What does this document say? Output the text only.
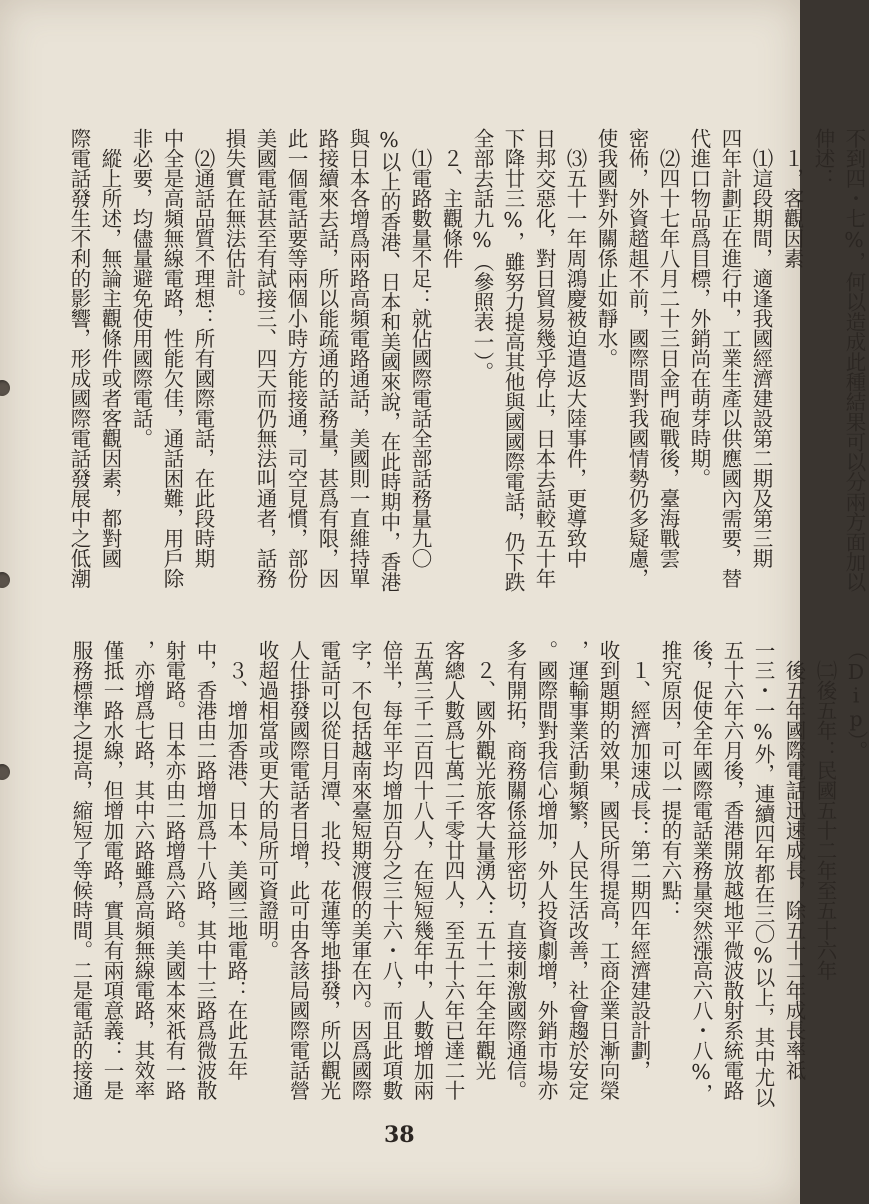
不到四・七%，何以造成此種結果可以分兩方面加以
伸述：
　１，客觀因素
　⑴這段期間，適逢我國經濟建設第二期及第三期
四年計劃正在進行中，工業生產以供應國內需要，替
代進口物品爲目標，外銷尚在萌芽時期。
　⑵四十七年八月二十三日金門砲戰後，臺海戰雲
密佈，外資趦趄不前，國際間對我國情勢仍多疑慮，
使我國對外關係止如靜水。
　⑶五十一年周鴻慶被迫遣返大陸事件，更導致中
日邦交惡化，對日貿易幾乎停止，日本去話較五十年
下降廿三%，雖努力提高其他與國國際電話，仍下跌
全部去話九%（參照表一）。
　２、主觀條件
　⑴電路數量不足：就佔國際電話全部話務量九〇
%以上的香港、日本和美國來說，在此時期中，香港
與日本各增爲兩路高頻電路通話，美國則一直維持單
路接續來去話，所以能疏通的話務量，甚爲有限，因
此一個電話要等兩個小時方能接通，司空見慣，部份
美國電話甚至有試接三、四天而仍無法叫通者，話務
損失實在無法估計。
　⑵通話品質不理想：所有國際電話，在此段時期
中全是高頻無線電路，性能欠佳，通話困難，用戶除
非必要，均儘量避免使用國際電話。
　縱上所述，無論主觀條件或者客觀因素，都對國
際電話發生不利的影響，形成國際電話發展中之低潮
（Dip）。
　㈡後五年：民國五十二年至五十六年
　後五年國際電話迅速成長，除五十二年成長率祗
一三・一%外，連續四年都在三〇%以上，其中尤以
五十六年六月後，香港開放越地平微波散射系統電路
後，促使全年國際電話業務量突然漲高六八・八%，
推究原因，可以一提的有六點：
　１、經濟加速成長：第二期四年經濟建設計劃，
收到題期的效果，國民所得提高，工商企業日漸向榮
，運輸事業活動頻繁，人民生活改善，社會趨於安定
。國際間對我信心增加，外人投資劇增，外銷市場亦
多有開拓，商務關係益形密切，直接刺激國際通信。
　２、國外觀光旅客大量湧入：五十二年全年觀光
客總人數爲七萬二千零廿四人，至五十六年已達二十
五萬三千二百四十八人，在短短幾年中，人數增加兩
倍半，每年平均增加百分之三十六・八，而且此項數
字，不包括越南來臺短期渡假的美軍在內。因爲國際
電話可以從日月潭、北投、花蓮等地掛發，所以觀光
人仕掛發國際電話者日增，此可由各該局國際電話營
收超過相當或更大的局所可資證明。
　３、增加香港、日本、美國三地電路：在此五年
中，香港由二路增加爲十八路，其中十三路爲微波散
射電路。日本亦由二路增爲六路。美國本來祇有一路
，亦增爲七路，其中六路雖爲高頻無線電路，其效率
僅抵一路水線，但增加電路，實具有兩項意義：一是
服務標準之提高，縮短了等候時間。二是電話的接通
38
